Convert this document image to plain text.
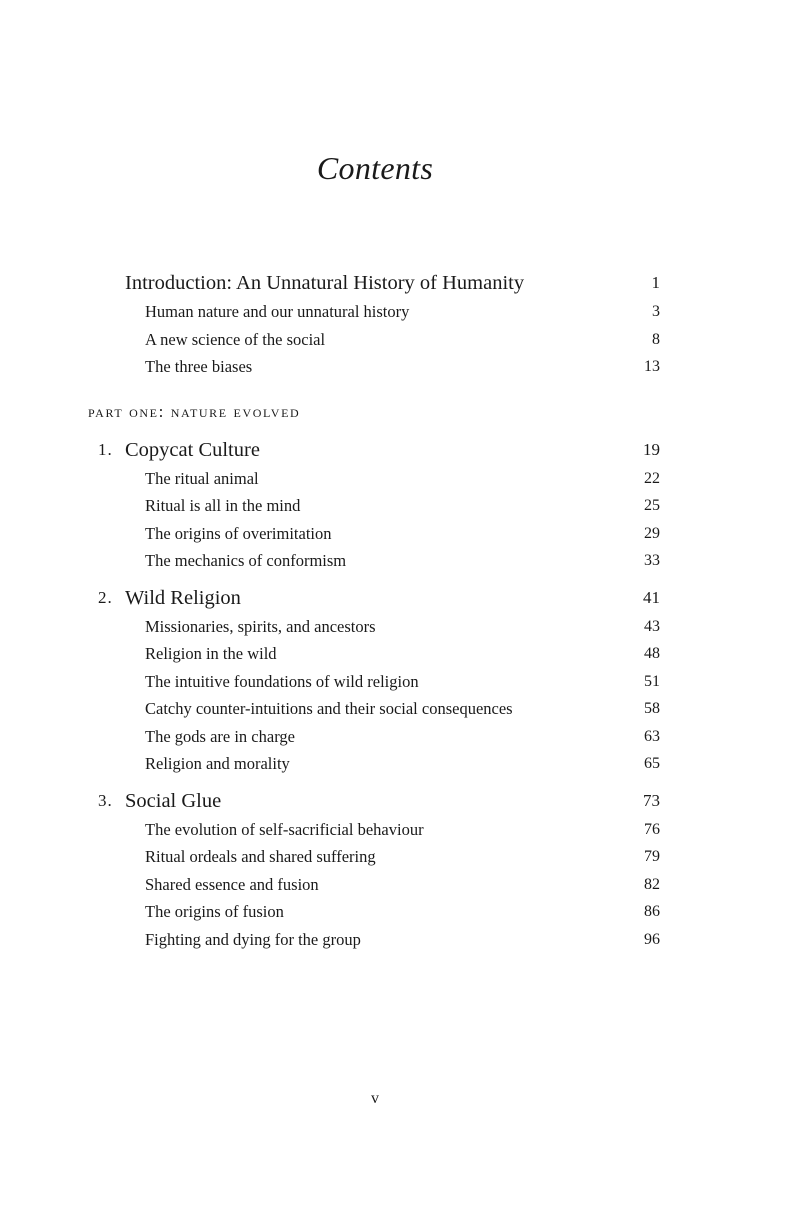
Contents
Introduction: An Unnatural History of Humanity	1
Human nature and our unnatural history	3
A new science of the social	8
The three biases	13
part one: nature evolved
1. Copycat Culture	19
The ritual animal	22
Ritual is all in the mind	25
The origins of overimitation	29
The mechanics of conformism	33
2. Wild Religion	41
Missionaries, spirits, and ancestors	43
Religion in the wild	48
The intuitive foundations of wild religion	51
Catchy counter-intuitions and their social consequences	58
The gods are in charge	63
Religion and morality	65
3. Social Glue	73
The evolution of self-sacrificial behaviour	76
Ritual ordeals and shared suffering	79
Shared essence and fusion	82
The origins of fusion	86
Fighting and dying for the group	96
v
